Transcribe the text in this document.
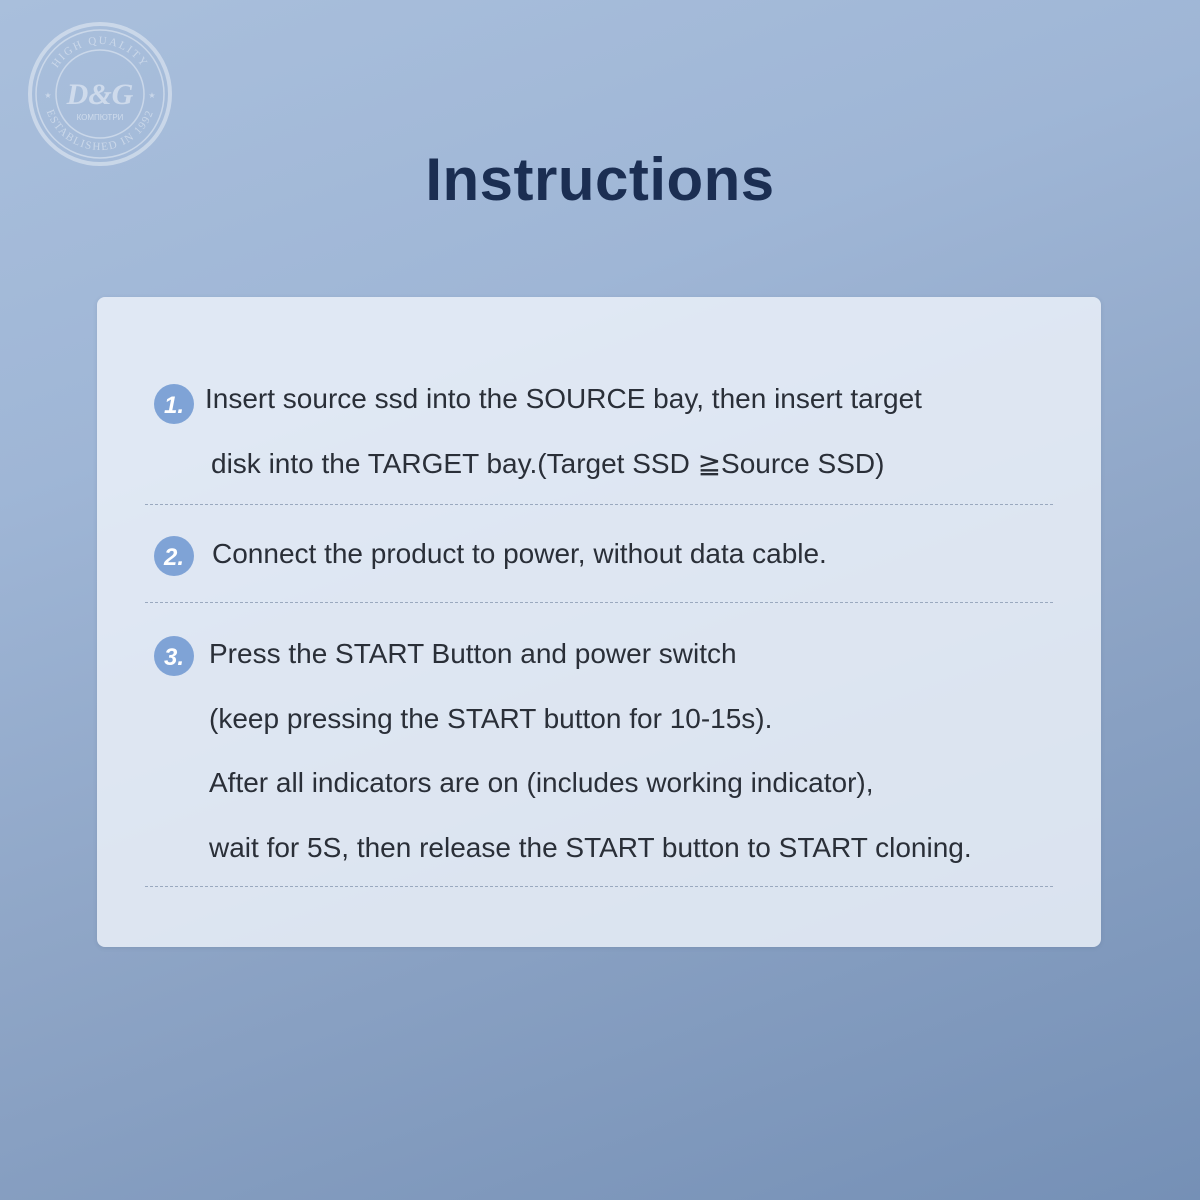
HIGH QUALITY
ESTABLISHED IN 1992
D&G
КОМПЮТРИ
★	★
Instructions
1. Insert source ssd into the SOURCE bay, then insert target
disk into the TARGET bay.(Target SSD ≧Source SSD)
2. Connect the product to power, without data cable.
3. Press the START Button and power switch
(keep pressing the START button for 10-15s).
After all indicators are on (includes working indicator),
wait for 5S, then release the START button to START cloning.
